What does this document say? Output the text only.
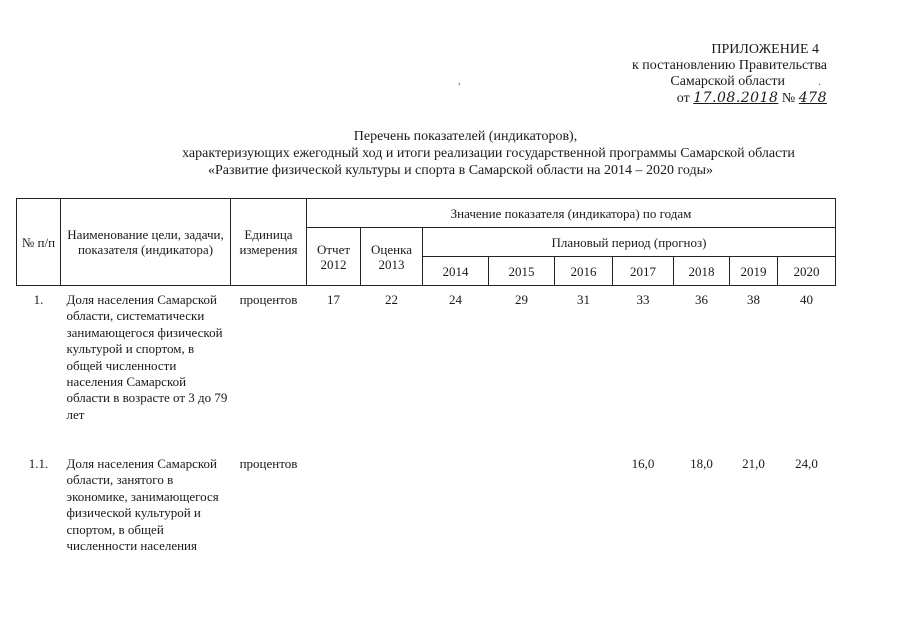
ПРИЛОЖЕНИЕ 4
к постановлению Правительства
Самарской области
от 17.08.2018 № 478
,	·
Перечень показателей (индикаторов),
характеризующих ежегодный ход и итоги реализации государственной программы Самарской области
«Развитие физической культуры и спорта в Самарской области на 2014 – 2020 годы»
№ п/п	Наименование цели, задачи, показателя (индикатора)	Единица измерения	Значение показателя (индикатора) по годам								
			Отчет 2012	Оценка 2013	Плановый период (прогноз)						
					2014	2015	2016	2017	2018	2019	2020
1.	Доля населения Самарской области, систематически занимающегося физической культурой и спортом, в общей численности населения Самарской области в возрасте от 3 до 79 лет	процентов	17	22	24	29	31	33	36	38	40
1.1.	Доля населения Самарской области, занятого в экономике, занимающегося физической культурой и спортом, в общей численности населения	процентов						16,0	18,0	21,0	24,0
